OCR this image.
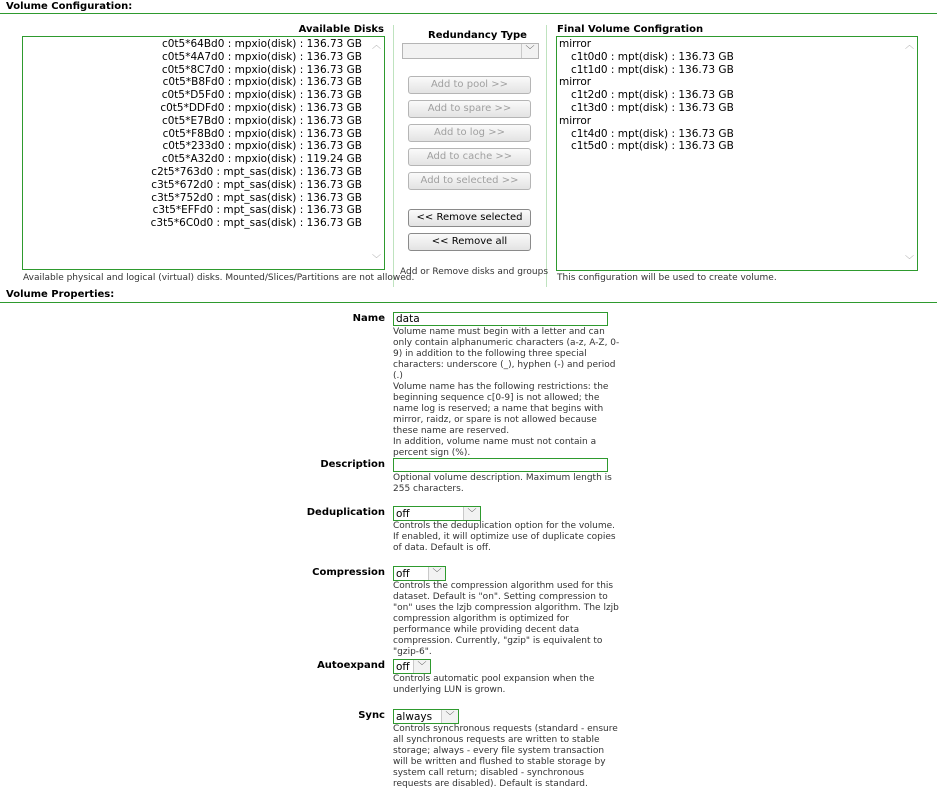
Volume Configuration:
Available Disks
c0t5*64Bd0 : mpxio(disk) : 136.73 GB
c0t5*4A7d0 : mpxio(disk) : 136.73 GB
c0t5*8C7d0 : mpxio(disk) : 136.73 GB
c0t5*B8Fd0 : mpxio(disk) : 136.73 GB
c0t5*D5Fd0 : mpxio(disk) : 136.73 GB
c0t5*DDFd0 : mpxio(disk) : 136.73 GB
c0t5*E7Bd0 : mpxio(disk) : 136.73 GB
c0t5*F8Bd0 : mpxio(disk) : 136.73 GB
c0t5*233d0 : mpxio(disk) : 136.73 GB
c0t5*A32d0 : mpxio(disk) : 119.24 GB
c2t5*763d0 : mpt_sas(disk) : 136.73 GB
c3t5*672d0 : mpt_sas(disk) : 136.73 GB
c3t5*752d0 : mpt_sas(disk) : 136.73 GB
c3t5*EFFd0 : mpt_sas(disk) : 136.73 GB
c3t5*6C0d0 : mpt_sas(disk) : 136.73 GB
︿
﹀
Available physical and logical (virtual) disks. Mounted/Slices/Partitions are not allowed.
Redundancy Type
﹀
Add to pool >>
Add to spare >>
Add to log >>
Add to cache >>
Add to selected >>
<< Remove selected
<< Remove all
Add or Remove disks and groups
Final Volume Configration
mirror
c1t0d0 : mpt(disk) : 136.73 GB
c1t1d0 : mpt(disk) : 136.73 GB
mirror
c1t2d0 : mpt(disk) : 136.73 GB
c1t3d0 : mpt(disk) : 136.73 GB
mirror
c1t4d0 : mpt(disk) : 136.73 GB
c1t5d0 : mpt(disk) : 136.73 GB
︿
﹀
This configuration will be used to create volume.
Volume Properties:
Name data
Volume name must begin with a letter and can only contain alphanumeric characters (a-z, A-Z, 0-9) in addition to the following three special characters: underscore (_), hyphen (-) and period (.)
Volume name has the following restrictions: the beginning sequence c[0-9] is not allowed; the name log is reserved; a name that begins with mirror, raidz, or spare is not allowed because these name are reserved.
In addition, volume name must not contain a percent sign (%).
Description
Optional volume description. Maximum length is 255 characters.
Deduplication off	﹀
Controls the deduplication option for the volume. If enabled, it will optimize use of duplicate copies of data. Default is off.
Compression off	﹀
Controls the compression algorithm used for this dataset. Default is "on". Setting compression to "on" uses the lzjb compression algorithm. The lzjb compression algorithm is optimized for performance while providing decent data compression. Currently, "gzip" is equivalent to "gzip-6".
Autoexpand off ﹀
Controls automatic pool expansion when the underlying LUN is grown.
Sync always	﹀
Controls synchronous requests (standard - ensure all synchronous requests are written to stable storage; always - every file system transaction will be written and flushed to stable storage by system call return; disabled - synchronous requests are disabled). Default is standard.
